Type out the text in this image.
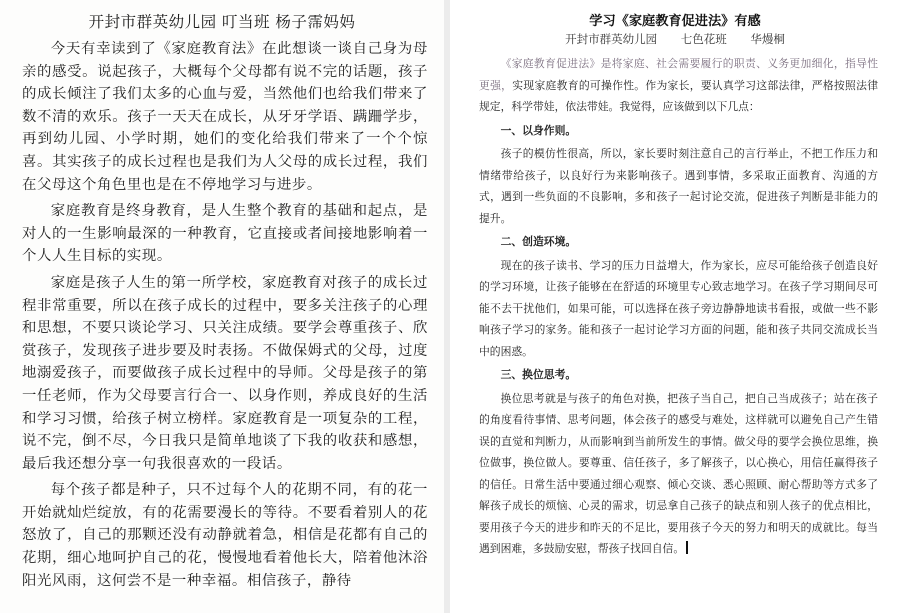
开封市群英幼儿园 叮当班 杨子霈妈妈

今天有幸读到了《家庭教育法》在此想谈一谈自己身为母亲的感受。说起孩子，大概每个父母都有说不完的话题，孩子的成长倾注了我们太多的心血与爱，当然他们也给我们带来了数不清的欢乐。孩子一天天在成长，从牙牙学语、蹒跚学步，再到幼儿园、小学时期，她们的变化给我们带来了一个个惊喜。其实孩子的成长过程也是我们为人父母的成长过程，我们在父母这个角色里也是在不停地学习与进步。

家庭教育是终身教育，是人生整个教育的基础和起点，是对人的一生影响最深的一种教育，它直接或者间接地影响着一个人人生目标的实现。

家庭是孩子人生的第一所学校，家庭教育对孩子的成长过程非常重要，所以在孩子成长的过程中，要多关注孩子的心理和思想，不要只谈论学习、只关注成绩。要学会尊重孩子、欣赏孩子，发现孩子进步要及时表扬。不做保姆式的父母，过度地溺爱孩子，而要做孩子成长过程中的导师。父母是孩子的第一任老师，作为父母要言行合一、以身作则，养成良好的生活和学习习惯，给孩子树立榜样。家庭教育是一项复杂的工程，说不完，倒不尽，今日我只是简单地谈了下我的收获和感想，最后我还想分享一句我很喜欢的一段话。

每个孩子都是种子，只不过每个人的花期不同，有的花一开始就灿烂绽放，有的花需要漫长的等待。不要看着别人的花怒放了，自己的那颗还没有动静就着急，相信是花都有自己的花期，细心地呵护自己的花，慢慢地看着他长大，陪着他沐浴阳光风雨，这何尝不是一种幸福。相信孩子，静待

学习《家庭教育促进法》有感
开封市群英幼儿园 七色花班 华熳桐

《家庭教育促进法》是将家庭、社会需要履行的职责、义务更加细化，指导性更强，实现家庭教育的可操作性。作为家长，要认真学习这部法律，严格按照法律规定，科学带娃，依法带娃。我觉得，应该做到以下几点：

一、以身作则。

孩子的模仿性很高，所以，家长要时刻注意自己的言行举止，不把工作压力和情绪带给孩子，以良好行为来影响孩子。遇到事情，多采取正面教育、沟通的方式，遇到一些负面的不良影响，多和孩子一起讨论交流，促进孩子判断是非能力的提升。

二、创造环境。

现在的孩子读书、学习的压力日益增大，作为家长，应尽可能给孩子创造良好的学习环境，让孩子能够在在舒适的环境里专心致志地学习。在孩子学习期间尽可能不去干扰他们，如果可能，可以选择在孩子旁边静静地读书看报，或做一些不影响孩子学习的家务。能和孩子一起讨论学习方面的问题，能和孩子共同交流成长当中的困惑。

三、换位思考。

换位思考就是与孩子的角色对换，把孩子当自己，把自己当成孩子；站在孩子的角度看待事情、思考问题，体会孩子的感受与难处，这样就可以避免自己产生错误的直觉和判断力，从而影响到当前所发生的事情。做父母的要学会换位思维，换位做事，换位做人。要尊重、信任孩子，多了解孩子，以心换心，用信任赢得孩子的信任。日常生活中要通过细心观察、倾心交谈、悉心照顾、耐心帮助等方式多了解孩子成长的烦恼、心灵的需求，切忌拿自己孩子的缺点和别人孩子的优点相比，要用孩子今天的进步和昨天的不足比，要用孩子今天的努力和明天的成就比。每当遇到困难，多鼓励安慰，帮孩子找回自信。
